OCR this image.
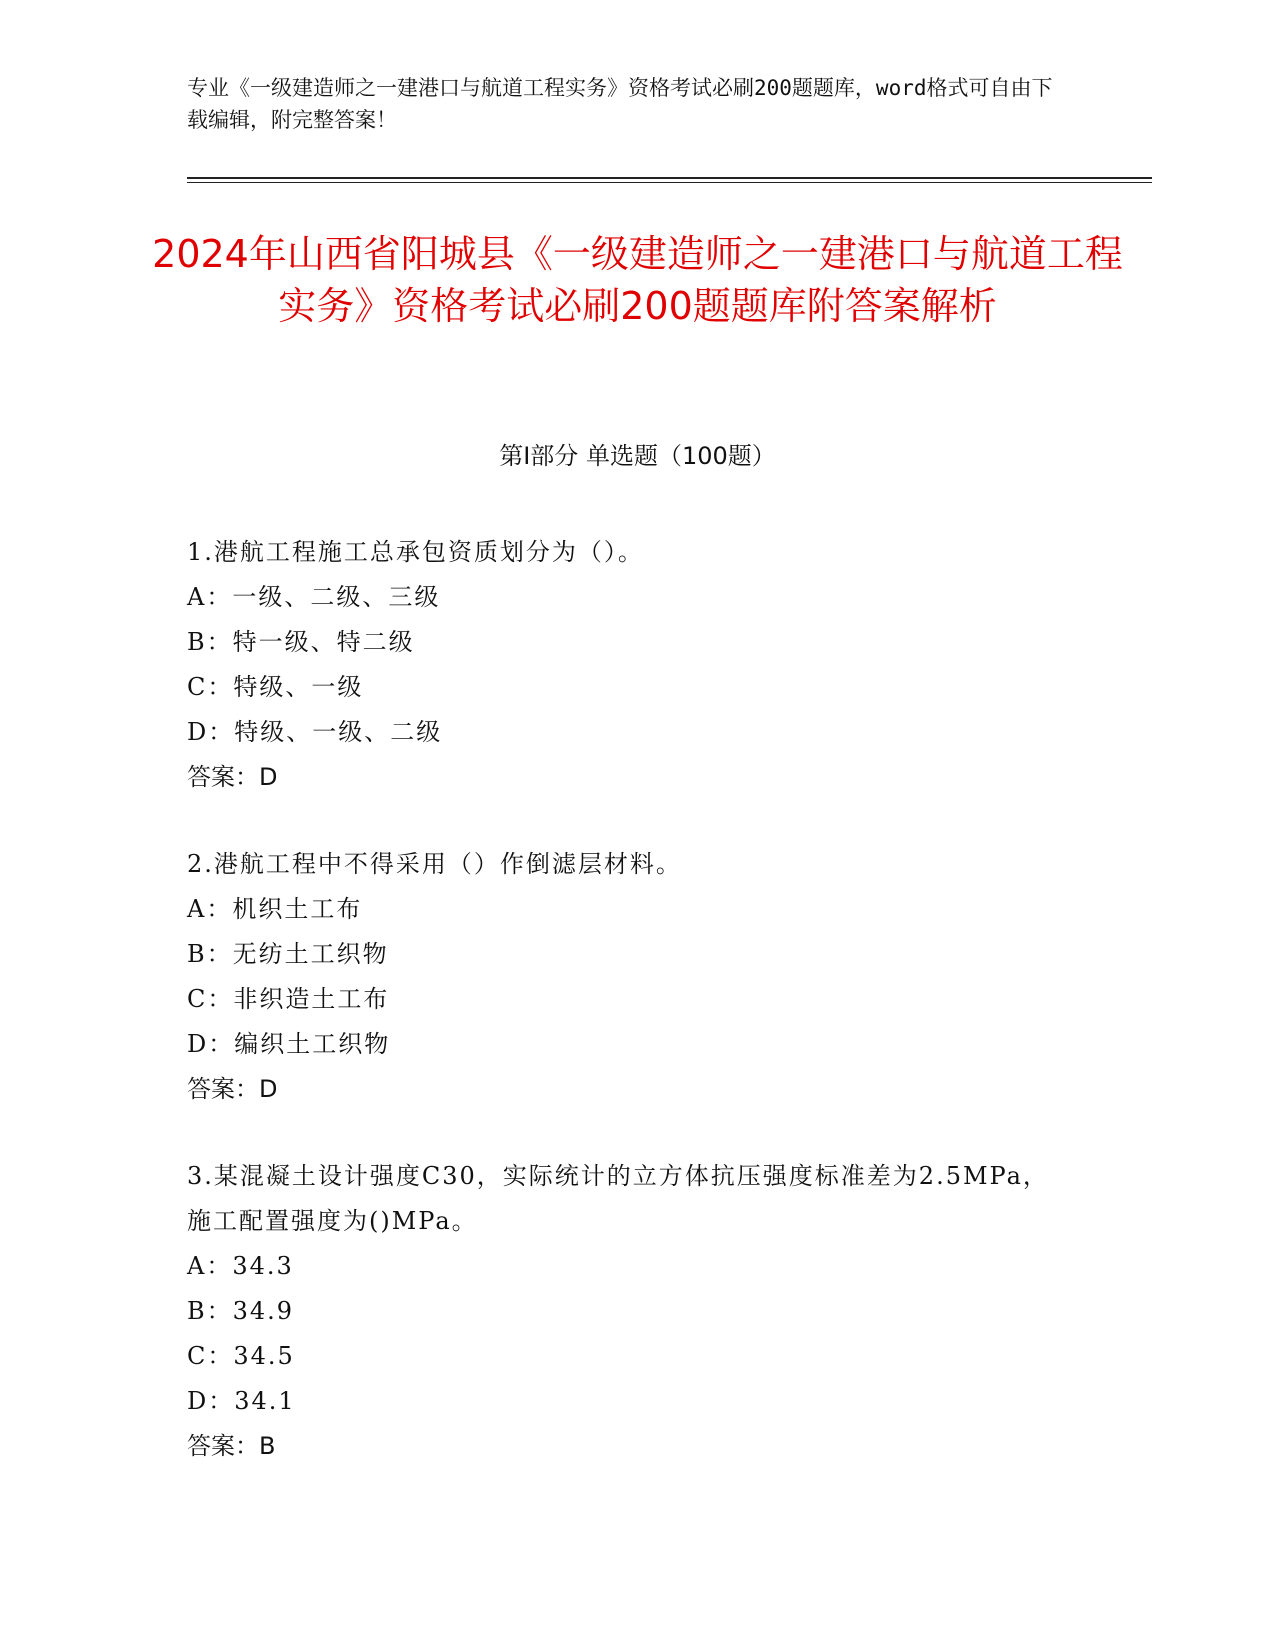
专业《一级建造师之一建港口与航道工程实务》资格考试必刷200题题库，word格式可自由下载编辑，附完整答案！
2024年山西省阳城县《一级建造师之一建港口与航道工程实务》资格考试必刷200题题库附答案解析
第Ⅰ部分 单选题（100题）
1.港航工程施工总承包资质划分为（）。
A：一级、二级、三级
B：特一级、特二级
C：特级、一级
D：特级、一级、二级
答案：D
2.港航工程中不得采用（）作倒滤层材料。
A：机织土工布
B：无纺土工织物
C：非织造土工布
D：编织土工织物
答案：D
3.某混凝土设计强度C30，实际统计的立方体抗压强度标准差为2.5MPa，施工配置强度为()MPa。
A：34.3
B：34.9
C：34.5
D：34.1
答案：B
